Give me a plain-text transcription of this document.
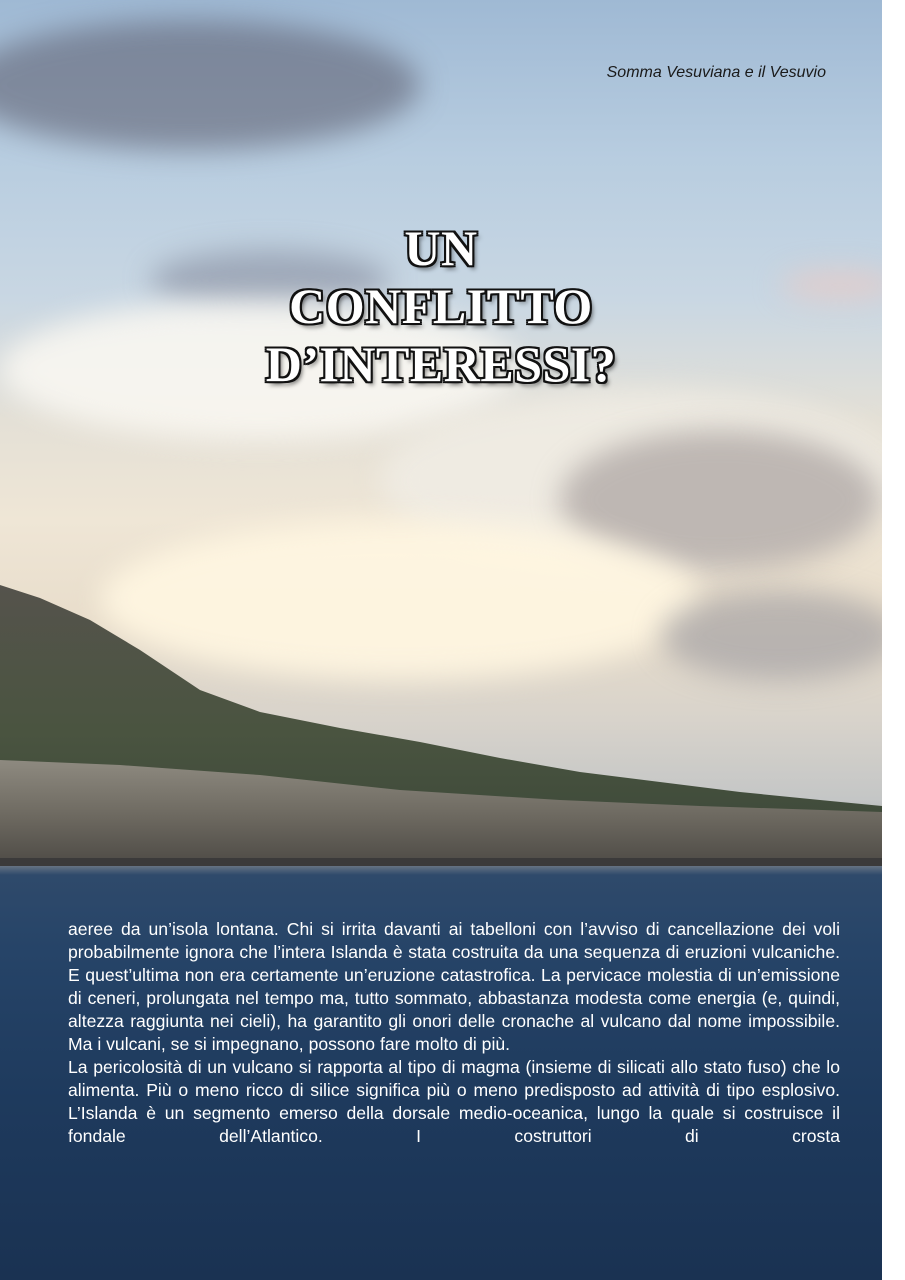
Somma Vesuviana e il Vesuvio
UN
CONFLITTO
D’INTERESSI?

aeree da un’isola lontana. Chi si irrita davanti ai tabelloni con l’avviso di cancellazione dei voli probabilmente ignora che l’intera Islanda è stata costruita da una sequenza di eruzioni vulcaniche. E quest’ultima non era certamente un’eruzione catastrofica. La pervicace molestia di un’emissione di ceneri, prolungata nel tempo ma, tutto sommato, abbastanza modesta come energia (e, quindi, altezza raggiunta nei cieli), ha garantito gli onori delle cronache al vulcano dal nome impossibile. Ma i vulcani, se si impegnano, possono fare molto di più.

La pericolosità di un vulcano si rapporta al tipo di magma (insieme di silicati allo stato fuso) che lo alimenta. Più o meno ricco di silice significa più o meno predisposto ad attività di tipo esplosivo. L’Islanda è un segmento emerso della dorsale medio-oceanica, lungo la quale si costruisce il fondale dell’Atlantico. I costruttori di crosta
